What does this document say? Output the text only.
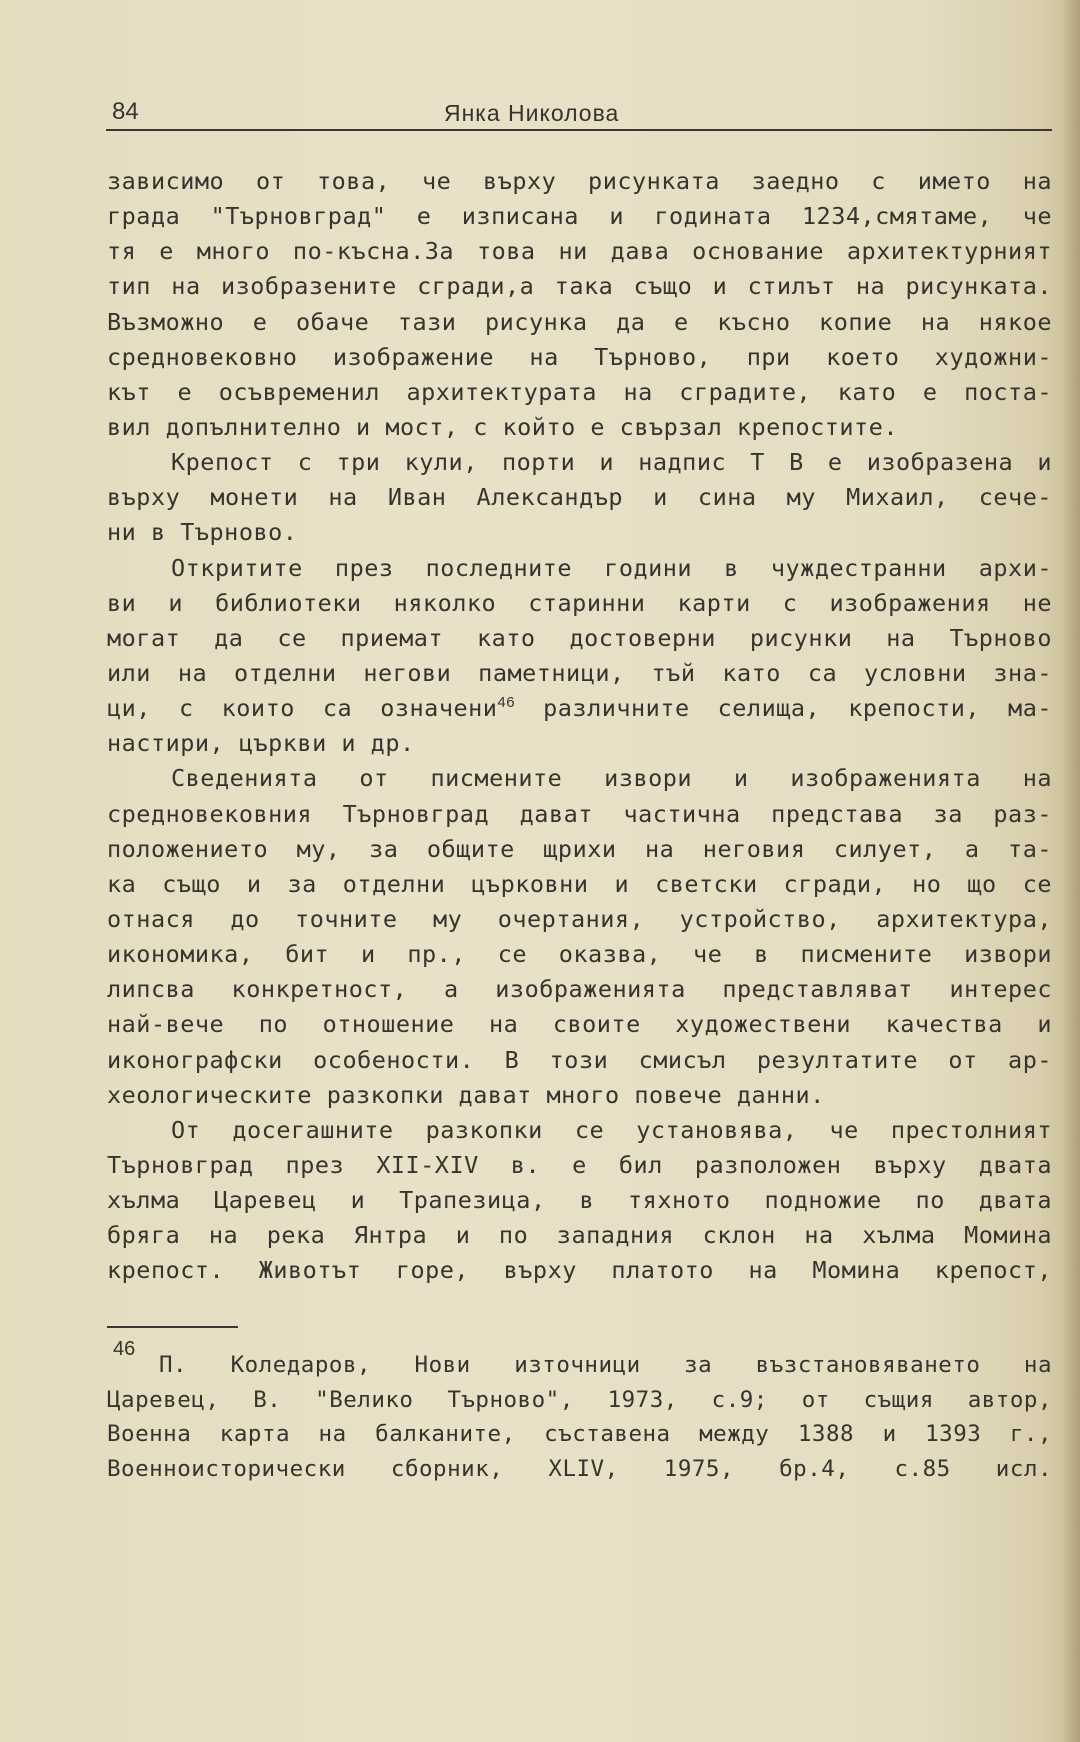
84	Янка Николова
зависимо от това, че върху рисунката заедно с името на
града "Търновград" е изписана и годината 1234,смятаме, че
тя е много по-късна.За това ни дава основание архитектурният
тип на изобразените сгради,а така също и стилът на рисунката.
Възможно е обаче тази рисунка да е късно копие на някое
средновековно изображение на Търново, при което художни-
кът е осъвременил архитектурата на сградите, като е поста-
вил допълнително и мост, с който е свързал крепостите.
Крепост с три кули, порти и надпис Т В е изобразена и
върху монети на Иван Александър и сина му Михаил, сече-
ни в Търново.
Откритите през последните години в чуждестранни архи-
ви и библиотеки няколко старинни карти с изображения не
могат да се приемат като достоверни рисунки на Търново
или на отделни негови паметници, тъй като са условни зна-
ци, с които са означени$^{46}$ различните селища, крепости, ма-
настири, църкви и др.
Сведенията от писмените извори и изображенията на
средновековния Търновград дават частична представа за раз-
положението му, за общите щрихи на неговия силует, а та-
ка също и за отделни църковни и светски сгради, но що се
отнася до точните му очертания, устройство, архитектура,
икономика, бит и пр., се оказва, че в писмените извори
липсва конкретност, а изображенията представляват интерес
най-вече по отношение на своите художествени качества и
иконографски особености. В този смисъл резултатите от ар-
хеологическите разкопки дават много повече данни.
От досегашните разкопки се установява, че престолният
Търновград през XII-XIV в. е бил разположен върху двата
хълма Царевец и Трапезица, в тяхното подножие по двата
бряга на река Янтра и по западния склон на хълма Момина
крепост. Животът горе, върху платото на Момина крепост,
46
П. Коледаров, Нови източници за възстановяването на
Царевец, В. "Велико Търново", 1973, с.9; от същия автор,
Военна карта на балканите, съставена между 1388 и 1393 г.,
Военноисторически сборник, XLIV, 1975, бр.4, с.85 исл.
